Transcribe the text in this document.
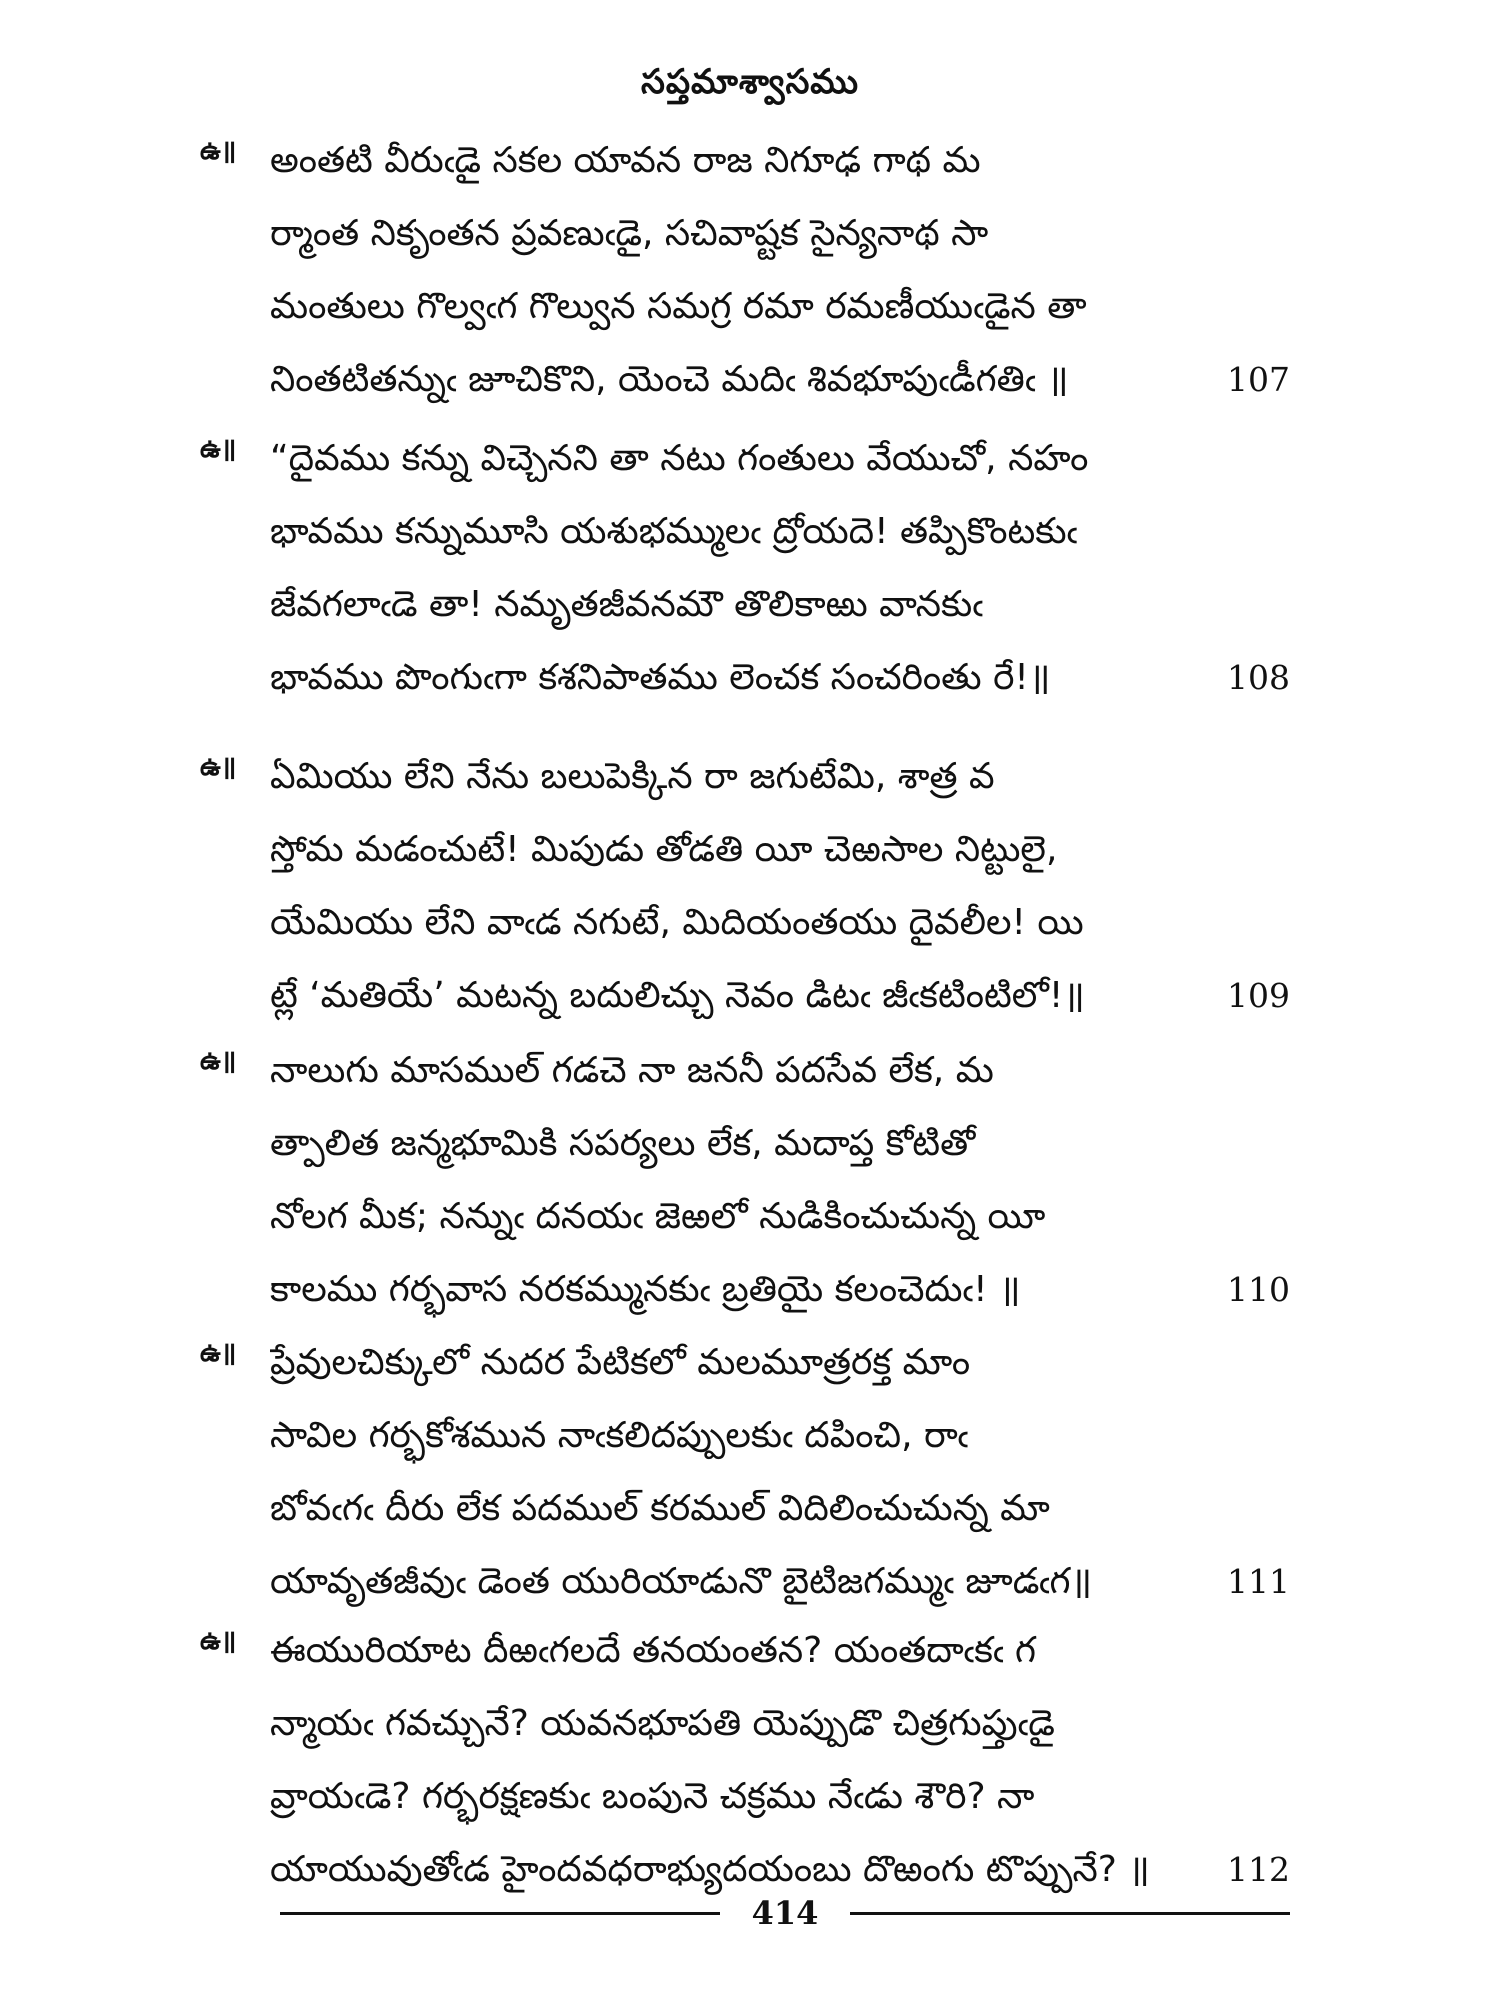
సప్తమాశ్వాసము
ఉ॥ అంతటి వీరుఁడై సకల యావన రాజ నిగూఢ గాథ మ
ర్మాంత నికృంతన ప్రవణుఁడై, సచివాష్టక సైన్యనాథ సా
మంతులు గొల్వఁగ గొల్వున సమగ్ర రమా రమణీయుఁడైన తా
నింతటితన్నుఁ జూచికొని, యెంచె మదిఁ శివభూపుఁడీగతిఁ ॥	107
ఉ॥ “దైవము కన్ను విచ్చెనని తా నటు గంతులు వేయుచో, నహం
భావము కన్నుమూసి యశుభమ్ములఁ ద్రోయదె! తప్పికొంటకుఁ
జేవగలాఁడె తా! నమృతజీవనమౌ తొలికాఱు వానకుఁ
భావము పొంగుఁగా కశనిపాతము లెంచక సంచరింతు రే!॥	108
ఉ॥ ఏమియు లేని నేను బలుపెక్కిన రా జగుటేమి, శాత్ర వ
స్తోమ మడంచుటే! మిపుడు తోడతి యీ చెఱసాల నిట్టులై,
యేమియు లేని వాఁడ నగుటే, మిదియంతయు దైవలీల! యి
ట్లే ‘మతియే’ మటన్న బదులిచ్చు నెవం డిటఁ జీఁకటింటిలో!॥	109
ఉ॥ నాలుగు మాసముల్ గడచె నా జననీ పదసేవ లేక, మ
త్పాలిత జన్మభూమికి సపర్యలు లేక, మదాప్త కోటితో
నోలగ మీక; నన్నుఁ దనయఁ జెఱలో నుడికించుచున్న యీ
కాలము గర్భవాస నరకమ్మునకుఁ బ్రతియై కలంచెదుఁ! ॥	110
ఉ॥ ప్రేవులచిక్కులో నుదర పేటికలో మలమూత్రరక్త మాం
సావిల గర్భకోశమున నాఁకలిదప్పులకుఁ దపించి, రాఁ
బోవఁగఁ దీరు లేక పదముల్ కరముల్ విదిలించుచున్న మా
యావృతజీవుఁ డెంత యురియాడునొ బైటిజగమ్ముఁ జూడఁగ॥	111
ఉ॥ ఈయురియాట దీఱఁగలదే తనయంతన? యంతదాఁకఁ గ
న్మాయఁ గవచ్చునే? యవనభూపతి యెప్పుడొ చిత్రగుప్తుఁడై
వ్రాయఁడె? గర్భరక్షణకుఁ బంపునె చక్రము నేఁడు శౌరి? నా
యాయువుతోఁడ హైందవధరాభ్యుదయంబు దొఱంగు టొప్పునే? ॥	112
414
